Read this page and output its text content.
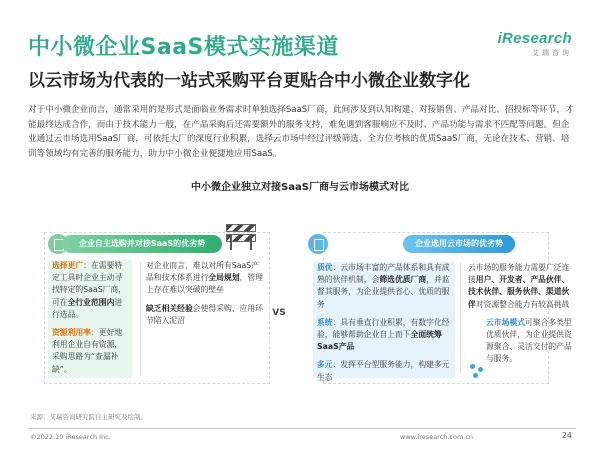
中小微企业SaaS模式实施渠道
以云市场为代表的一站式采购平台更贴合中小微企业数字化
iResearch
艾瑞咨询
对于中小微企业而言，通常采用的是形式是面临业务需求时单独选择SaaS厂商，此间涉及到认知构建、对接销售、产品对比、招投标等环节，才能最终达成合作，而由于技术能力一般，在产品采购后还需要额外的服务支持，难免遇到客服响应不及时、产品功能与需求不匹配等问题。但企业通过云市场选用SaaS厂商，可依托大厂的深度行业积累，选择云市场中经过评级筛选、全方位考核的优质SaaS厂商，无论在技术、营销、培训等领域均有完善的服务能力，助力中小微企业便捷地应用SaaS。
中小微企业独立对接SaaS厂商与云市场模式对比
企业自主选购并对接SaaS的优劣势
选择更广：在需要特定工具时企业主动寻找特定的SaaS厂商，可在全行业范围内进行选品。
资源利用率：更好地利用企业自有资源，采购思路为“查漏补缺”。
对企业而言，难以对所有SaaS产品和技术体系进行全局规划，管理上存在难以突破的壁垒
缺乏相关经验会使得采购、应用环节陷入泥沼
VS
企业选用云市场的优劣势
质优：云市场丰富的产品体系和具有成熟的伙伴机制，会筛选优质厂商，并监督其服务，为企业提供省心、优质的服务
系统：具有垂直行业积累，有数字化经验，能够帮助企业自上而下全面统筹SaaS产品
多元：发挥平台型服务能力，构建多元生态
云市场的服务能力需要广泛连接用户、开发者、产品伙伴、技术伙伴、服务伙伴、渠道伙伴对资源整合能力有较高挑战
云市场模式可聚合多类型优质伙伴，为企业提供资源聚合、灵活交付的产品与服务。
来源：艾瑞咨询研究院自主研究及绘制。
©2022.10 iResearch Inc.	www.iresearch.com.cn	24
